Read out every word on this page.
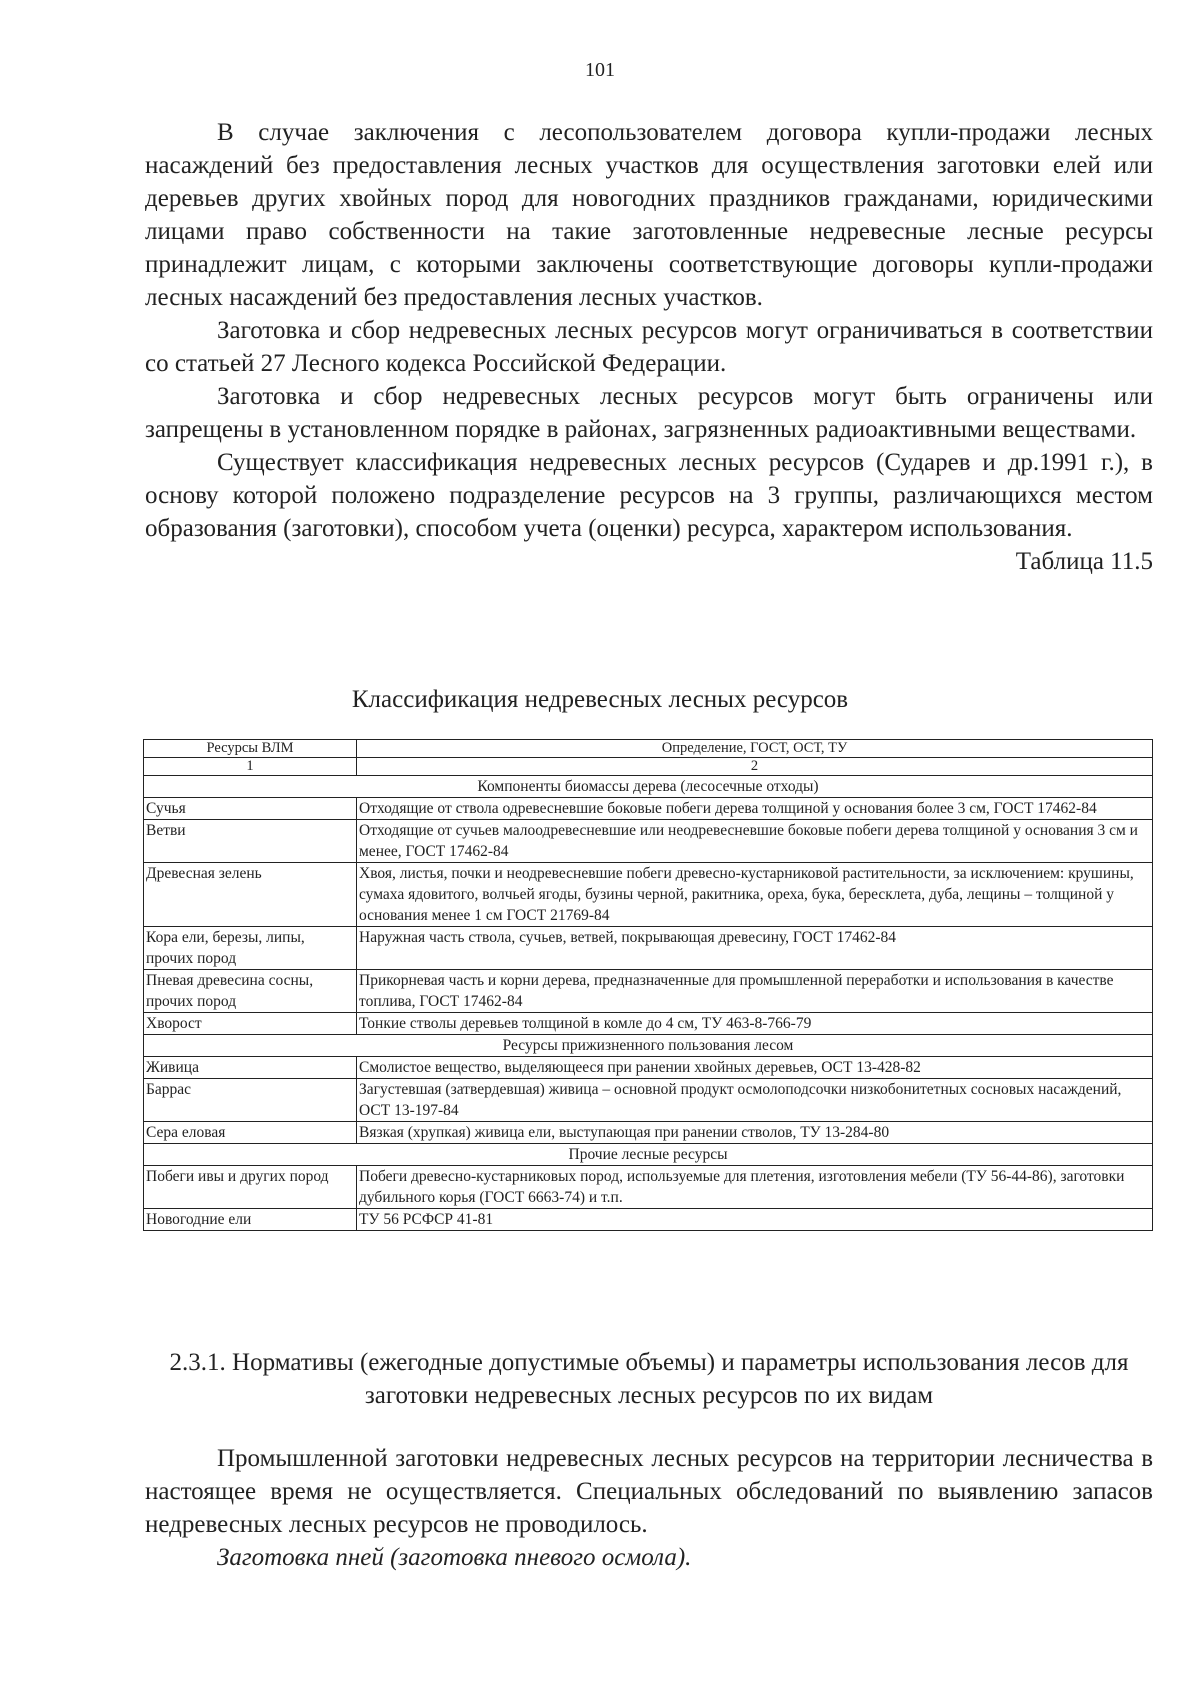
101

В случае заключения с лесопользователем договора купли-продажи лесных насаждений без предоставления лесных участков для осуществления заготовки елей или деревьев других хвойных пород для новогодних праздников гражданами, юридическими лицами право собственности на такие заготовленные недревесные лесные ресурсы принадлежит лицам, с которыми заключены соответствующие договоры купли-продажи лесных насаждений без предоставления лесных участков.

Заготовка и сбор недревесных лесных ресурсов могут ограничиваться в соответствии со статьей 27 Лесного кодекса Российской Федерации.

Заготовка и сбор недревесных лесных ресурсов могут быть ограничены или запрещены в установленном порядке в районах, загрязненных радиоактивными веществами.

Существует классификация недревесных лесных ресурсов (Сударев и др.1991 г.), в основу которой положено подразделение ресурсов на 3 группы, различающихся местом образования (заготовки), способом учета (оценки) ресурса, характером использования.

Таблица 11.5

Классификация недревесных лесных ресурсов

Ресурсы ВЛМ	Определение, ГОСТ, ОСТ, ТУ
1	2
Компоненты биомассы дерева (лесосечные отходы)	
Сучья	Отходящие от ствола одревесневшие боковые побеги дерева толщиной у основания более 3 см, ГОСТ 17462-84
Ветви	Отходящие от сучьев малоодревесневшие или неодревесневшие боковые побеги дерева толщиной у основания 3 см и менее, ГОСТ 17462-84
Древесная зелень	Хвоя, листья, почки и неодревесневшие побеги древесно-кустарниковой растительности, за исключением: крушины, сумаха ядовитого, волчьей ягоды, бузины черной, ракитника, ореха, бука, бересклета, дуба, лещины – толщиной у основания менее 1 см ГОСТ 21769-84
Кора ели, березы, липы, прочих пород	Наружная часть ствола, сучьев, ветвей, покрывающая древесину, ГОСТ 17462-84
Пневая древесина сосны, прочих пород	Прикорневая часть и корни дерева, предназначенные для промышленной переработки и использования в качестве топлива, ГОСТ 17462-84
Хворост	Тонкие стволы деревьев толщиной в комле до 4 см, ТУ 463-8-766-79
Ресурсы прижизненного пользования лесом	
Живица	Смолистое вещество, выделяющееся при ранении хвойных деревьев, ОСТ 13-428-82
Баррас	Загустевшая (затвердевшая) живица – основной продукт осмолоподсочки низкобонитетных сосновых насаждений, ОСТ 13-197-84
Сера еловая	Вязкая (хрупкая) живица ели, выступающая при ранении стволов, ТУ 13-284-80
Прочие лесные ресурсы	
Побеги ивы и других пород	Побеги древесно-кустарниковых пород, используемые для плетения, изготовления мебели (ТУ 56-44-86), заготовки дубильного корья (ГОСТ 6663-74) и т.п.
Новогодние ели	ТУ 56 РСФСР 41-81

2.3.1. Нормативы (ежегодные допустимые объемы) и параметры использования лесов для заготовки недревесных лесных ресурсов по их видам

Промышленной заготовки недревесных лесных ресурсов на территории лесничества в настоящее время не осуществляется. Специальных обследований по выявлению запасов недревесных лесных ресурсов не проводилось.

Заготовка пней (заготовка пневого осмола).
